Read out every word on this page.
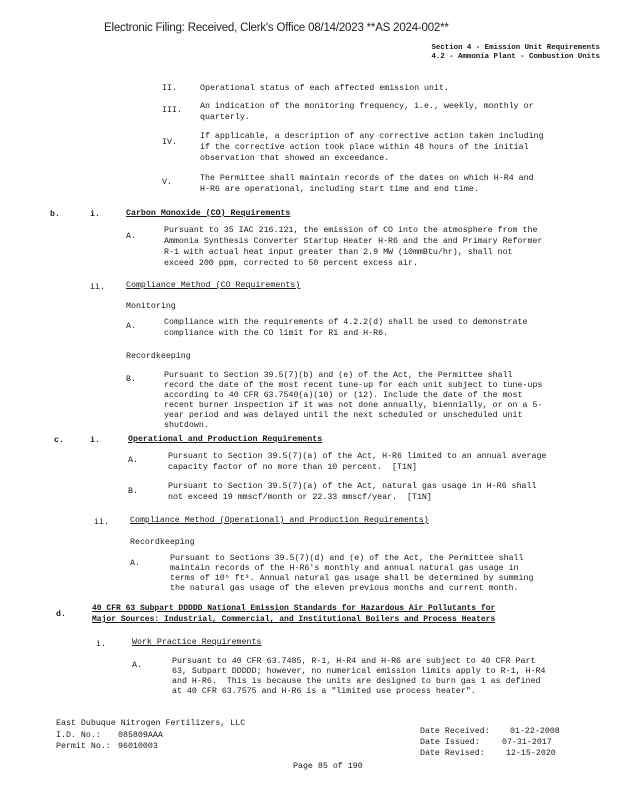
Electronic Filing: Received, Clerk's Office 08/14/2023 **AS 2024-002**
Section 4 - Emission Unit Requirements
4.2 - Ammonia Plant - Combustion Units
II.	Operational status of each affected emission unit.
III. An indication of the monitoring frequency, i.e., weekly, monthly or
quarterly.
IV.
If applicable, a description of any corrective action taken including
if the corrective action took place within 48 hours of the initial
observation that showed an exceedance.
V.	The Permittee shall maintain records of the dates on which H-R4 and
H-R6 are operational, including start time and end time.
b.	i.	Carbon Monoxide (CO) Requirements
A.
Pursuant to 35 IAC 216.121, the emission of CO into the atmosphere from the
Ammonia Synthesis Converter Startup Heater H-R6 and the and Primary Reformer
R-1 with actual heat input greater than 2.9 MW (10mmBtu/hr), shall not
exceed 200 ppm, corrected to 50 percent excess air.
ii.	Compliance Method (CO Requirements)
Monitoring
A.	Compliance with the requirements of 4.2.2(d) shall be used to demonstrate
compliance with the CO limit for R1 and H-R6.
Recordkeeping
B.	Pursuant to Section 39.5(7)(b) and (e) of the Act, the Permittee shall
record the date of the most recent tune-up for each unit subject to tune-ups
according to 40 CFR 63.7540(a)(10) or (12). Include the date of the most
recent burner inspection if it was not done annually, biennially, or on a 5-
year period and was delayed until the next scheduled or unscheduled unit
shutdown.
c.	i.	Operational and Production Requirements
A.	Pursuant to Section 39.5(7)(a) of the Act, H-R6 limited to an annual average
capacity factor of no more than 10 percent.  [T1N]
B.
Pursuant to Section 39.5(7)(a) of the Act, natural gas usage in H-R6 shall
not exceed 19 mmscf/month or 22.33 mmscf/year.  [T1N]
ii.	Compliance Method (Operational) and Production Requirements)
Recordkeeping
A.
Pursuant to Sections 39.5(7)(d) and (e) of the Act, the Permittee shall
maintain records of the H-R6's monthly and annual natural gas usage in
terms of 10⁶ ft³. Annual natural gas usage shall be determined by summing
the natural gas usage of the eleven previous months and current month.
d.
40 CFR 63 Subpart DDDDD National Emission Standards for Hazardous Air Pollutants for
Major Sources: Industrial, Commercial, and Institutional Boilers and Process Heaters
i.	Work Practice Requirements
A.	Pursuant to 40 CFR 63.7485, R-1, H-R4 and H-R6 are subject to 40 CFR Part
63, Subpart DDDDD; however, no numerical emission limits apply to R-1, H-R4
and H-R6.  This is because the units are designed to burn gas 1 as defined
at 40 CFR 63.7575 and H-R6 is a "limited use process heater".
East Dubuque Nitrogen Fertilizers, LLC
I.D. No.: 085809AAA
Permit No.: 96010003
Date Received: 01-22-2008
Date Issued:	07-31-2017
Date Revised:	12-15-2020
Page 85 of 190
